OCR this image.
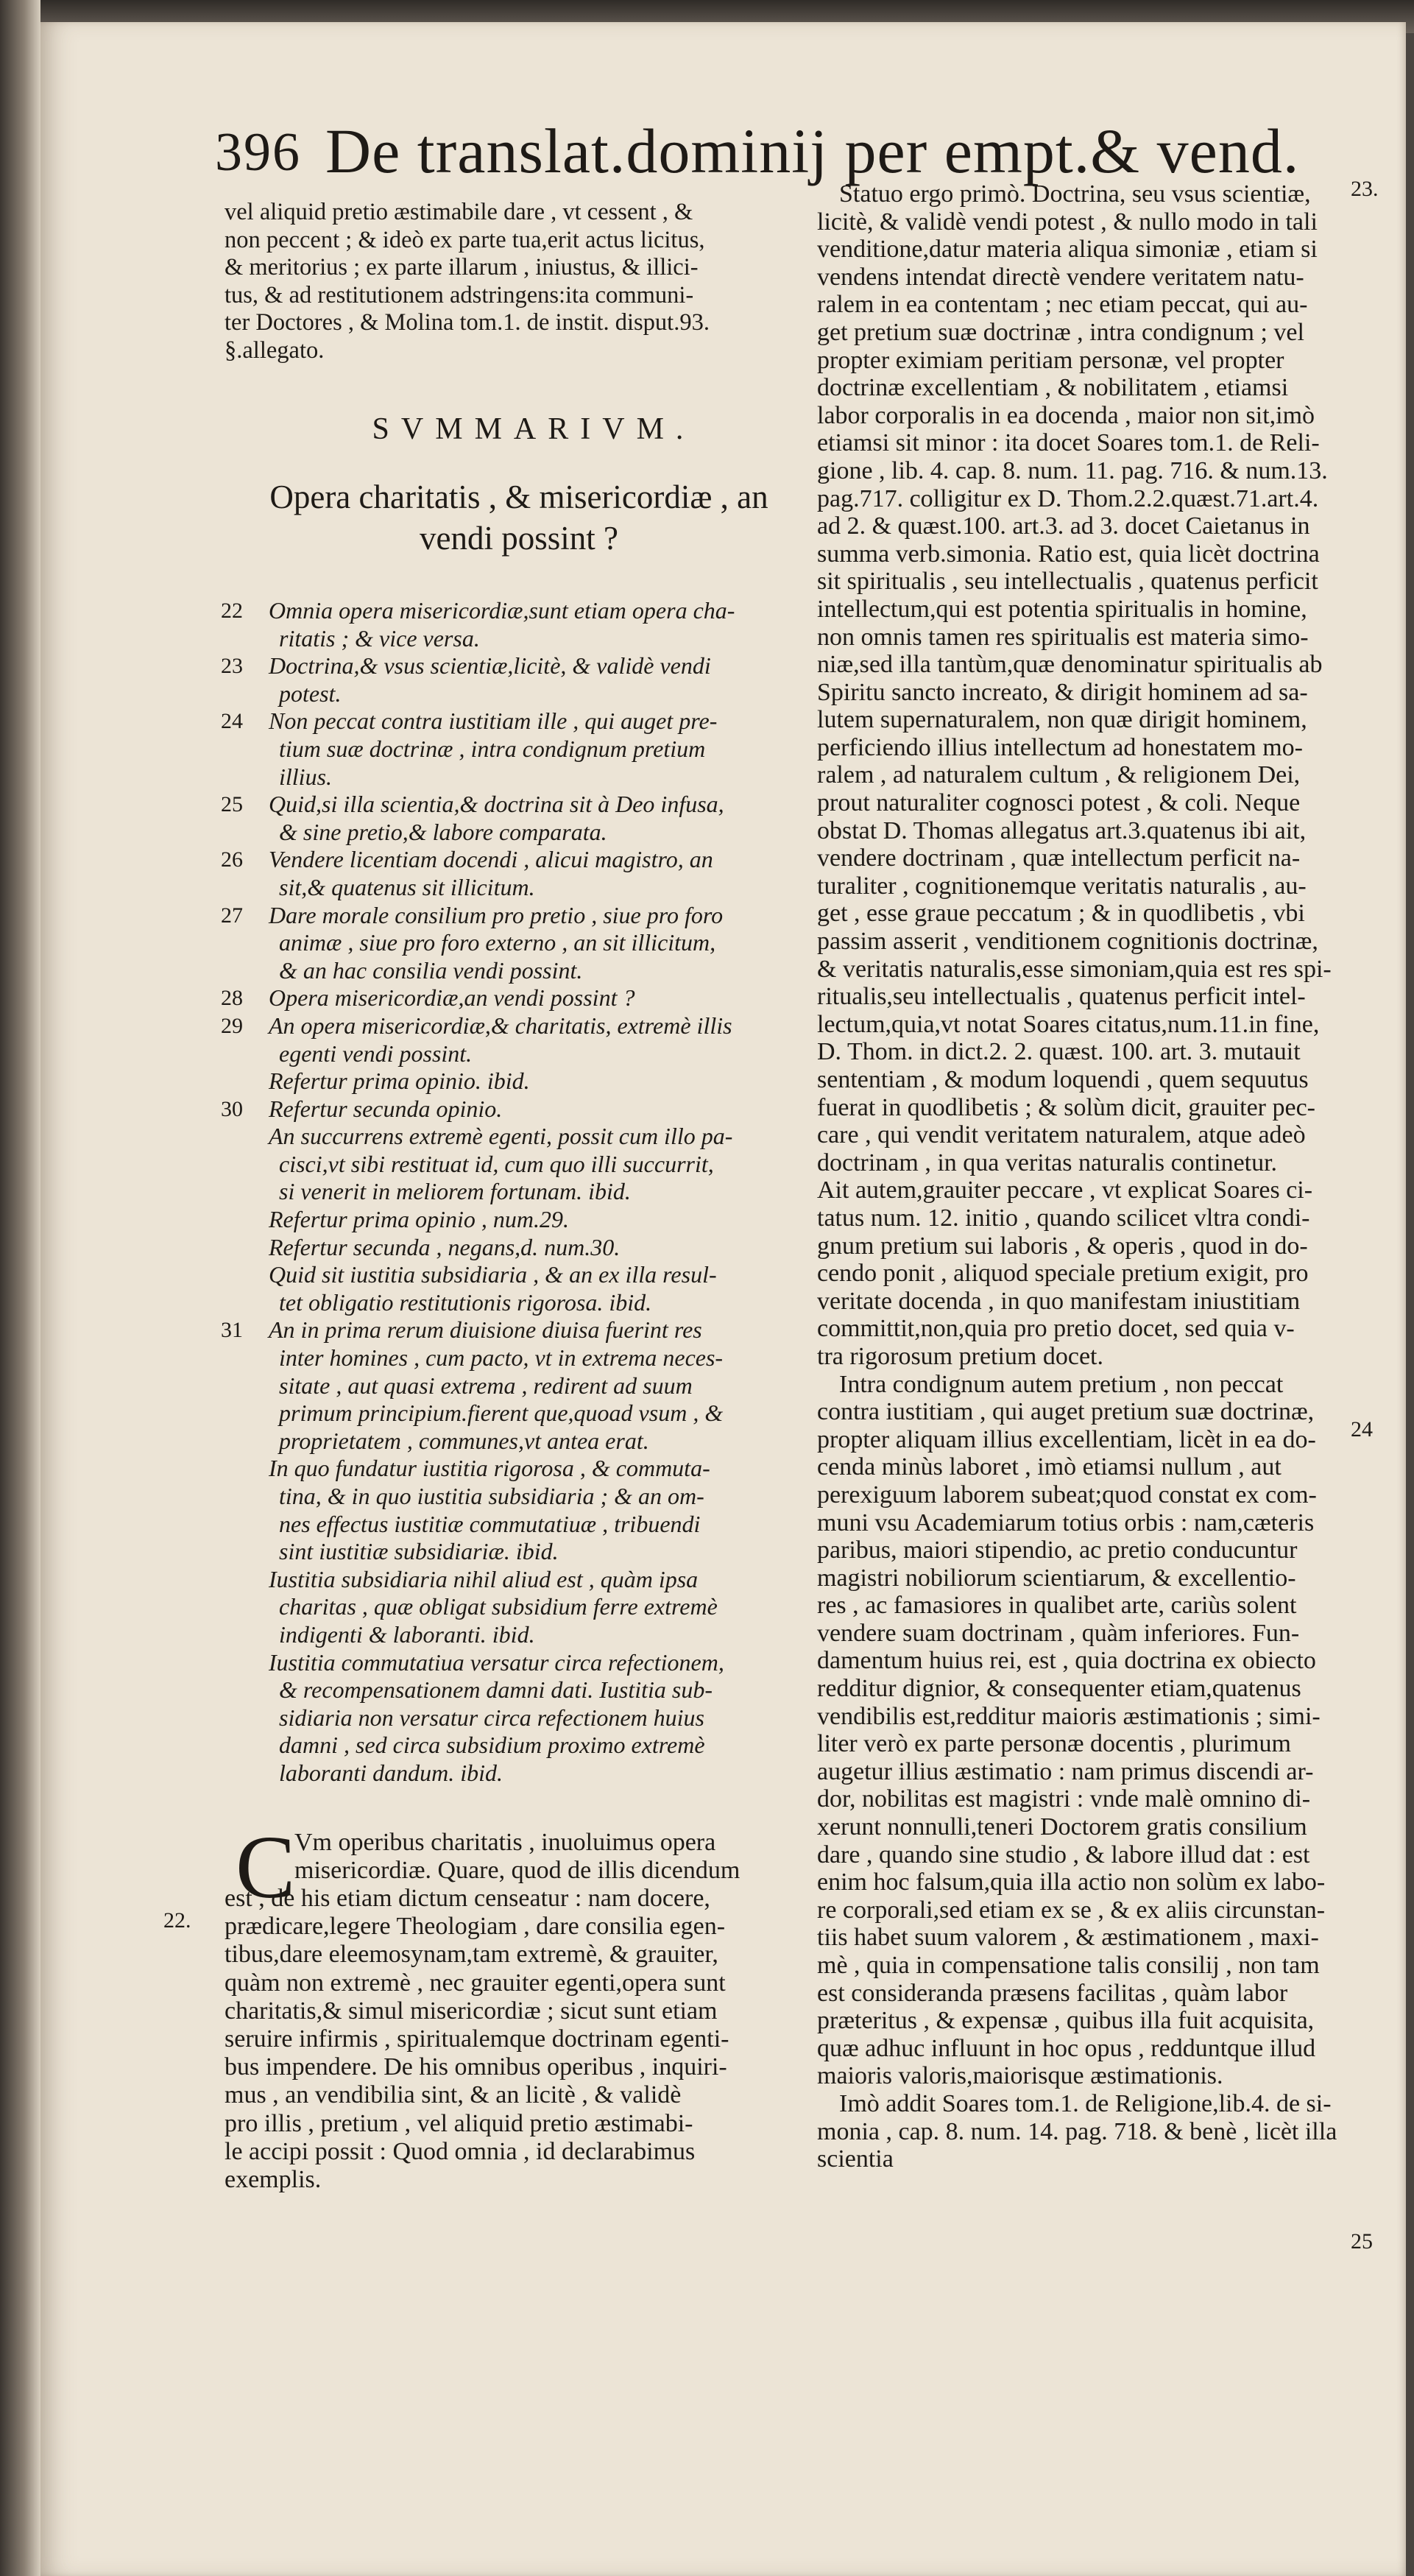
396 De translat.dominij per empt.& vend.
vel aliquid pretio æstimabile dare , vt cessent , &
non peccent ; & ideò ex parte tua,erit actus licitus,
& meritorius ; ex parte illarum , iniustus, & illici-
tus, & ad restitutionem adstringens:ita communi-
ter Doctores , & Molina tom.1. de instit. disput.93.
§.allegato.
SVMMARIVM.
Opera charitatis , & misericordiæ , an
vendi possint ?
22	Omnia opera misericordiæ,sunt etiam opera cha-
ritatis ; & vice versa.
23	Doctrina,& vsus scientiæ,licitè, & validè vendi
potest.
24	Non peccat contra iustitiam ille , qui auget pre-
tium suæ doctrinæ , intra condignum pretium
illius.
25	Quid,si illa scientia,& doctrina sit à Deo infusa,
& sine pretio,& labore comparata.
26	Vendere licentiam docendi , alicui magistro, an
sit,& quatenus sit illicitum.
27	Dare morale consilium pro pretio , siue pro foro
animæ , siue pro foro externo , an sit illicitum,
& an hac consilia vendi possint.
28	Opera misericordiæ,an vendi possint ?
29	An opera misericordiæ,& charitatis, extremè illis
egenti vendi possint.
Refertur prima opinio. ibid.
30	Refertur secunda opinio.
An succurrens extremè egenti, possit cum illo pa-
cisci,vt sibi restituat id, cum quo illi succurrit,
si venerit in meliorem fortunam. ibid.
Refertur prima opinio , num.29.
Refertur secunda , negans,d. num.30.
Quid sit iustitia subsidiaria , & an ex illa resul-
tet obligatio restitutionis rigorosa. ibid.
31	An in prima rerum diuisione diuisa fuerint res
inter homines , cum pacto, vt in extrema neces-
sitate , aut quasi extrema , redirent ad suum
primum principium.fierent que,quoad vsum , &
proprietatem , communes,vt antea erat.
In quo fundatur iustitia rigorosa , & commuta-
tina, & in quo iustitia subsidiaria ; & an om-
nes effectus iustitiæ commutatiuæ , tribuendi
sint iustitiæ subsidiariæ. ibid.
Iustitia subsidiaria nihil aliud est , quàm ipsa
charitas , quæ obligat subsidium ferre extremè
indigenti & laboranti. ibid.
Iustitia commutatiua versatur circa refectionem,
& recompensationem damni dati. Iustitia sub-
sidiaria non versatur circa refectionem huius
damni , sed circa subsidium proximo extremè
laboranti dandum. ibid.
C
Vm operibus charitatis , inuoluimus opera
misericordiæ. Quare, quod de illis dicendum
est , de his etiam dictum censeatur : nam docere,
prædicare,legere Theologiam , dare consilia egen-
tibus,dare eleemosynam,tam extremè, & grauiter,
quàm non extremè , nec grauiter egenti,opera sunt
charitatis,& simul misericordiæ ; sicut sunt etiam
seruire infirmis , spiritualemque doctrinam egenti-
bus impendere. De his omnibus operibus , inquiri-
mus , an vendibilia sint, & an licitè , & validè
pro illis , pretium , vel aliquid pretio æstimabi-
le accipi possit : Quod omnia , id declarabimus
exemplis.
22.
Statuo ergo primò. Doctrina, seu vsus scientiæ,
licitè, & validè vendi potest , & nullo modo in tali
venditione,datur materia aliqua simoniæ , etiam si
vendens intendat directè vendere veritatem natu-
ralem in ea contentam ; nec etiam peccat, qui au-
get pretium suæ doctrinæ , intra condignum ; vel
propter eximiam peritiam personæ, vel propter
doctrinæ excellentiam , & nobilitatem , etiamsi
labor corporalis in ea docenda , maior non sit,imò
etiamsi sit minor : ita docet Soares tom.1. de Reli-
gione , lib. 4. cap. 8. num. 11. pag. 716. & num.13.
pag.717. colligitur ex D. Thom.2.2.quæst.71.art.4.
ad 2. & quæst.100. art.3. ad 3. docet Caietanus in
summa verb.simonia. Ratio est, quia licèt doctrina
sit spiritualis , seu intellectualis , quatenus perficit
intellectum,qui est potentia spiritualis in homine,
non omnis tamen res spiritualis est materia simo-
niæ,sed illa tantùm,quæ denominatur spiritualis ab
Spiritu sancto increato, & dirigit hominem ad sa-
lutem supernaturalem, non quæ dirigit hominem,
perficiendo illius intellectum ad honestatem mo-
ralem , ad naturalem cultum , & religionem Dei,
prout naturaliter cognosci potest , & coli. Neque
obstat D. Thomas allegatus art.3.quatenus ibi ait,
vendere doctrinam , quæ intellectum perficit na-
turaliter , cognitionemque veritatis naturalis , au-
get , esse graue peccatum ; & in quodlibetis , vbi
passim asserit , venditionem cognitionis doctrinæ,
& veritatis naturalis,esse simoniam,quia est res spi-
ritualis,seu intellectualis , quatenus perficit intel-
lectum,quia,vt notat Soares citatus,num.11.in fine,
D. Thom. in dict.2. 2. quæst. 100. art. 3. mutauit
sententiam , & modum loquendi , quem sequutus
fuerat in quodlibetis ; & solùm dicit, grauiter pec-
care , qui vendit veritatem naturalem, atque adeò
doctrinam , in qua veritas naturalis continetur.
Ait autem,grauiter peccare , vt explicat Soares ci-
tatus num. 12. initio , quando scilicet vltra condi-
gnum pretium sui laboris , & operis , quod in do-
cendo ponit , aliquod speciale pretium exigit, pro
veritate docenda , in quo manifestam iniustitiam
committit,non,quia pro pretio docet, sed quia v-
tra rigorosum pretium docet.
Intra condignum autem pretium , non peccat
contra iustitiam , qui auget pretium suæ doctrinæ,
propter aliquam illius excellentiam, licèt in ea do-
cenda minùs laboret , imò etiamsi nullum , aut
perexiguum laborem subeat;quod constat ex com-
muni vsu Academiarum totius orbis : nam,cæteris
paribus, maiori stipendio, ac pretio conducuntur
magistri nobiliorum scientiarum, & excellentio-
res , ac famasiores in qualibet arte, cariùs solent
vendere suam doctrinam , quàm inferiores. Fun-
damentum huius rei, est , quia doctrina ex obiecto
redditur dignior, & consequenter etiam,quatenus
vendibilis est,redditur maioris æstimationis ; simi-
liter verò ex parte personæ docentis , plurimum
augetur illius æstimatio : nam primus discendi ar-
dor, nobilitas est magistri : vnde malè omnino di-
xerunt nonnulli,teneri Doctorem gratis consilium
dare , quando sine studio , & labore illud dat : est
enim hoc falsum,quia illa actio non solùm ex labo-
re corporali,sed etiam ex se , & ex aliis circunstan-
tiis habet suum valorem , & æstimationem , maxi-
mè , quia in compensatione talis consilij , non tam
est consideranda præsens facilitas , quàm labor
præteritus , & expensæ , quibus illa fuit acquisita,
quæ adhuc influunt in hoc opus , redduntque illud
maioris valoris,maiorisque æstimationis.
Imò addit Soares tom.1. de Religione,lib.4. de si-
monia , cap. 8. num. 14. pag. 718. & benè , licèt illa
scientia
23.
24
25
